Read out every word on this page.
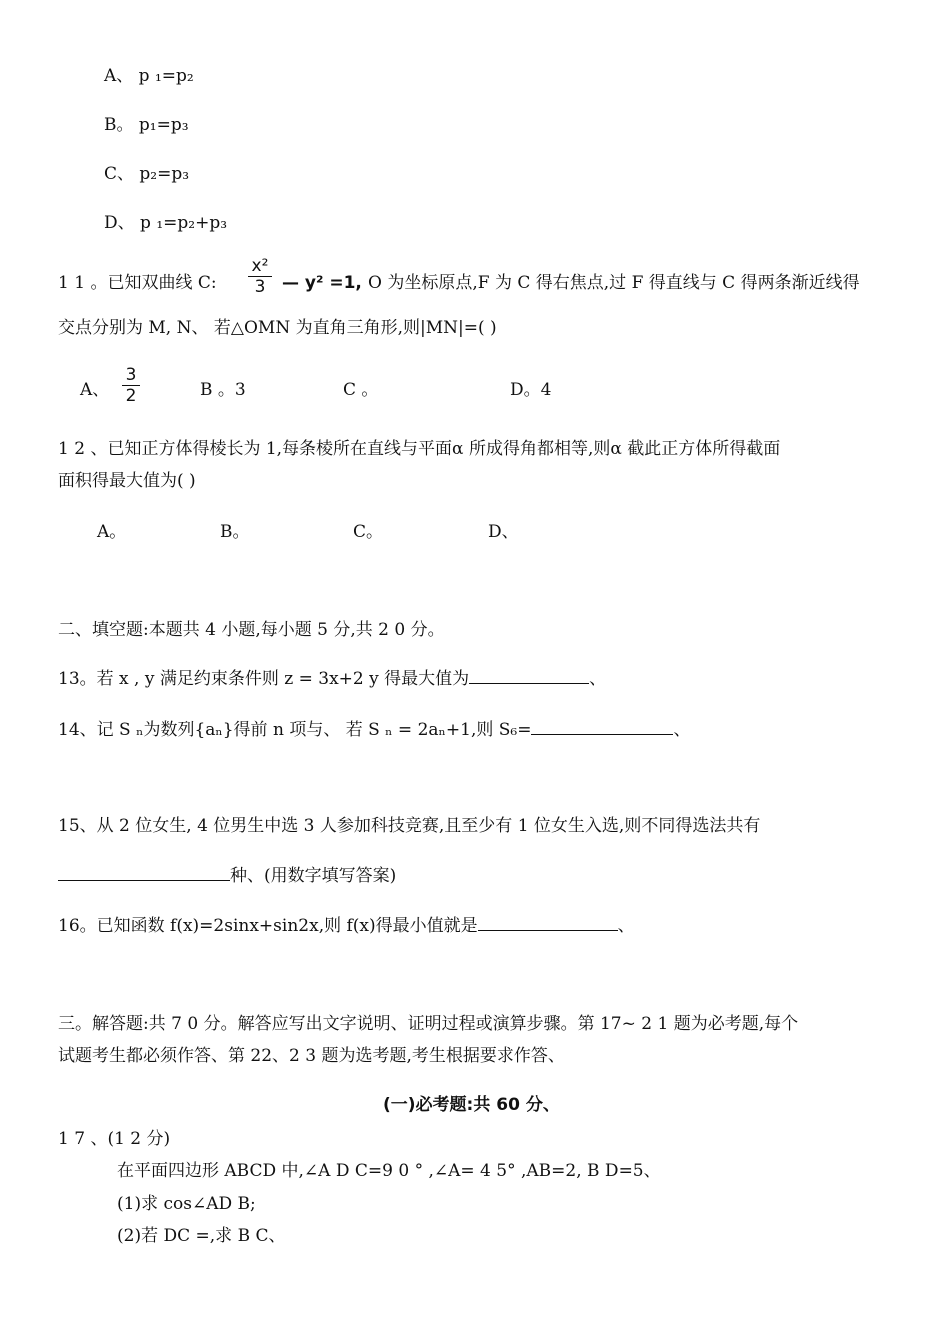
A、 p ₁=p₂
B。 p₁=p₃
C、 p₂=p₃
D、 p ₁=p₂+p₃
1 1 。已知双曲线 C:
x²
3 — y² =1, O 为坐标原点,F 为 C 得右焦点,过 F 得直线与 C 得两条渐近线得
交点分别为 M, N、 若△OMN 为直角三角形,则|MN|=( )
A、
3
2	B 。3	C 。	D。4
1 2 、已知正方体得棱长为 1,每条棱所在直线与平面α 所成得角都相等,则α 截此正方体所得截面
面积得最大值为( )
A。	B。	C。	D、
二、填空题:本题共 4 小题,每小题 5 分,共 2 0 分。
13。若 x , y 满足约束条件则 z = 3x+2 y 得最大值为	、
14、记 S ₙ为数列{aₙ}得前 n 项与、 若 S ₙ = 2aₙ+1,则 S₆=	、
15、从 2 位女生, 4 位男生中选 3 人参加科技竞赛,且至少有 1 位女生入选,则不同得选法共有
种、(用数字填写答案)
16。已知函数 f(x)=2sinx+sin2x,则 f(x)得最小值就是	、
三。解答题:共 7 0 分。解答应写出文字说明、证明过程或演算步骤。第 17~ 2 1 题为必考题,每个
试题考生都必须作答、第 22、2 3 题为选考题,考生根据要求作答、
(一)必考题:共 60 分、
1 7 、(1 2 分)
在平面四边形 ABCD 中,∠A D C=9 0 ° ,∠A= 4 5° ,AB=2, B D=5、
(1)求 cos∠AD B;
(2)若 DC =,求 B C、
